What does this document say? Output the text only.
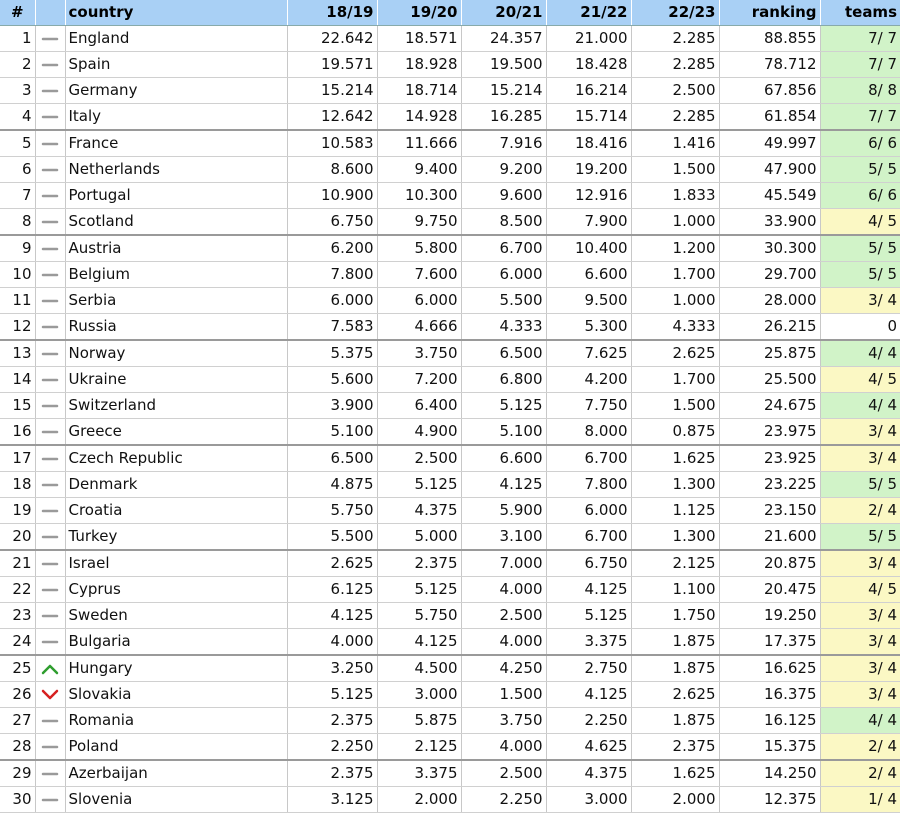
#		country	18/19	19/20	20/21	21/22	22/23	ranking	teams
1		England	22.642	18.571	24.357	21.000	2.285	88.855	7/ 7
2		Spain	19.571	18.928	19.500	18.428	2.285	78.712	7/ 7
3		Germany	15.214	18.714	15.214	16.214	2.500	67.856	8/ 8
4		Italy	12.642	14.928	16.285	15.714	2.285	61.854	7/ 7
5		France	10.583	11.666	7.916	18.416	1.416	49.997	6/ 6
6		Netherlands	8.600	9.400	9.200	19.200	1.500	47.900	5/ 5
7		Portugal	10.900	10.300	9.600	12.916	1.833	45.549	6/ 6
8		Scotland	6.750	9.750	8.500	7.900	1.000	33.900	4/ 5
9		Austria	6.200	5.800	6.700	10.400	1.200	30.300	5/ 5
10		Belgium	7.800	7.600	6.000	6.600	1.700	29.700	5/ 5
11		Serbia	6.000	6.000	5.500	9.500	1.000	28.000	3/ 4
12		Russia	7.583	4.666	4.333	5.300	4.333	26.215	0
13		Norway	5.375	3.750	6.500	7.625	2.625	25.875	4/ 4
14		Ukraine	5.600	7.200	6.800	4.200	1.700	25.500	4/ 5
15		Switzerland	3.900	6.400	5.125	7.750	1.500	24.675	4/ 4
16		Greece	5.100	4.900	5.100	8.000	0.875	23.975	3/ 4
17		Czech Republic	6.500	2.500	6.600	6.700	1.625	23.925	3/ 4
18		Denmark	4.875	5.125	4.125	7.800	1.300	23.225	5/ 5
19		Croatia	5.750	4.375	5.900	6.000	1.125	23.150	2/ 4
20		Turkey	5.500	5.000	3.100	6.700	1.300	21.600	5/ 5
21		Israel	2.625	2.375	7.000	6.750	2.125	20.875	3/ 4
22		Cyprus	6.125	5.125	4.000	4.125	1.100	20.475	4/ 5
23		Sweden	4.125	5.750	2.500	5.125	1.750	19.250	3/ 4
24		Bulgaria	4.000	4.125	4.000	3.375	1.875	17.375	3/ 4
25		Hungary	3.250	4.500	4.250	2.750	1.875	16.625	3/ 4
26		Slovakia	5.125	3.000	1.500	4.125	2.625	16.375	3/ 4
27		Romania	2.375	5.875	3.750	2.250	1.875	16.125	4/ 4
28		Poland	2.250	2.125	4.000	4.625	2.375	15.375	2/ 4
29		Azerbaijan	2.375	3.375	2.500	4.375	1.625	14.250	2/ 4
30		Slovenia	3.125	2.000	2.250	3.000	2.000	12.375	1/ 4
